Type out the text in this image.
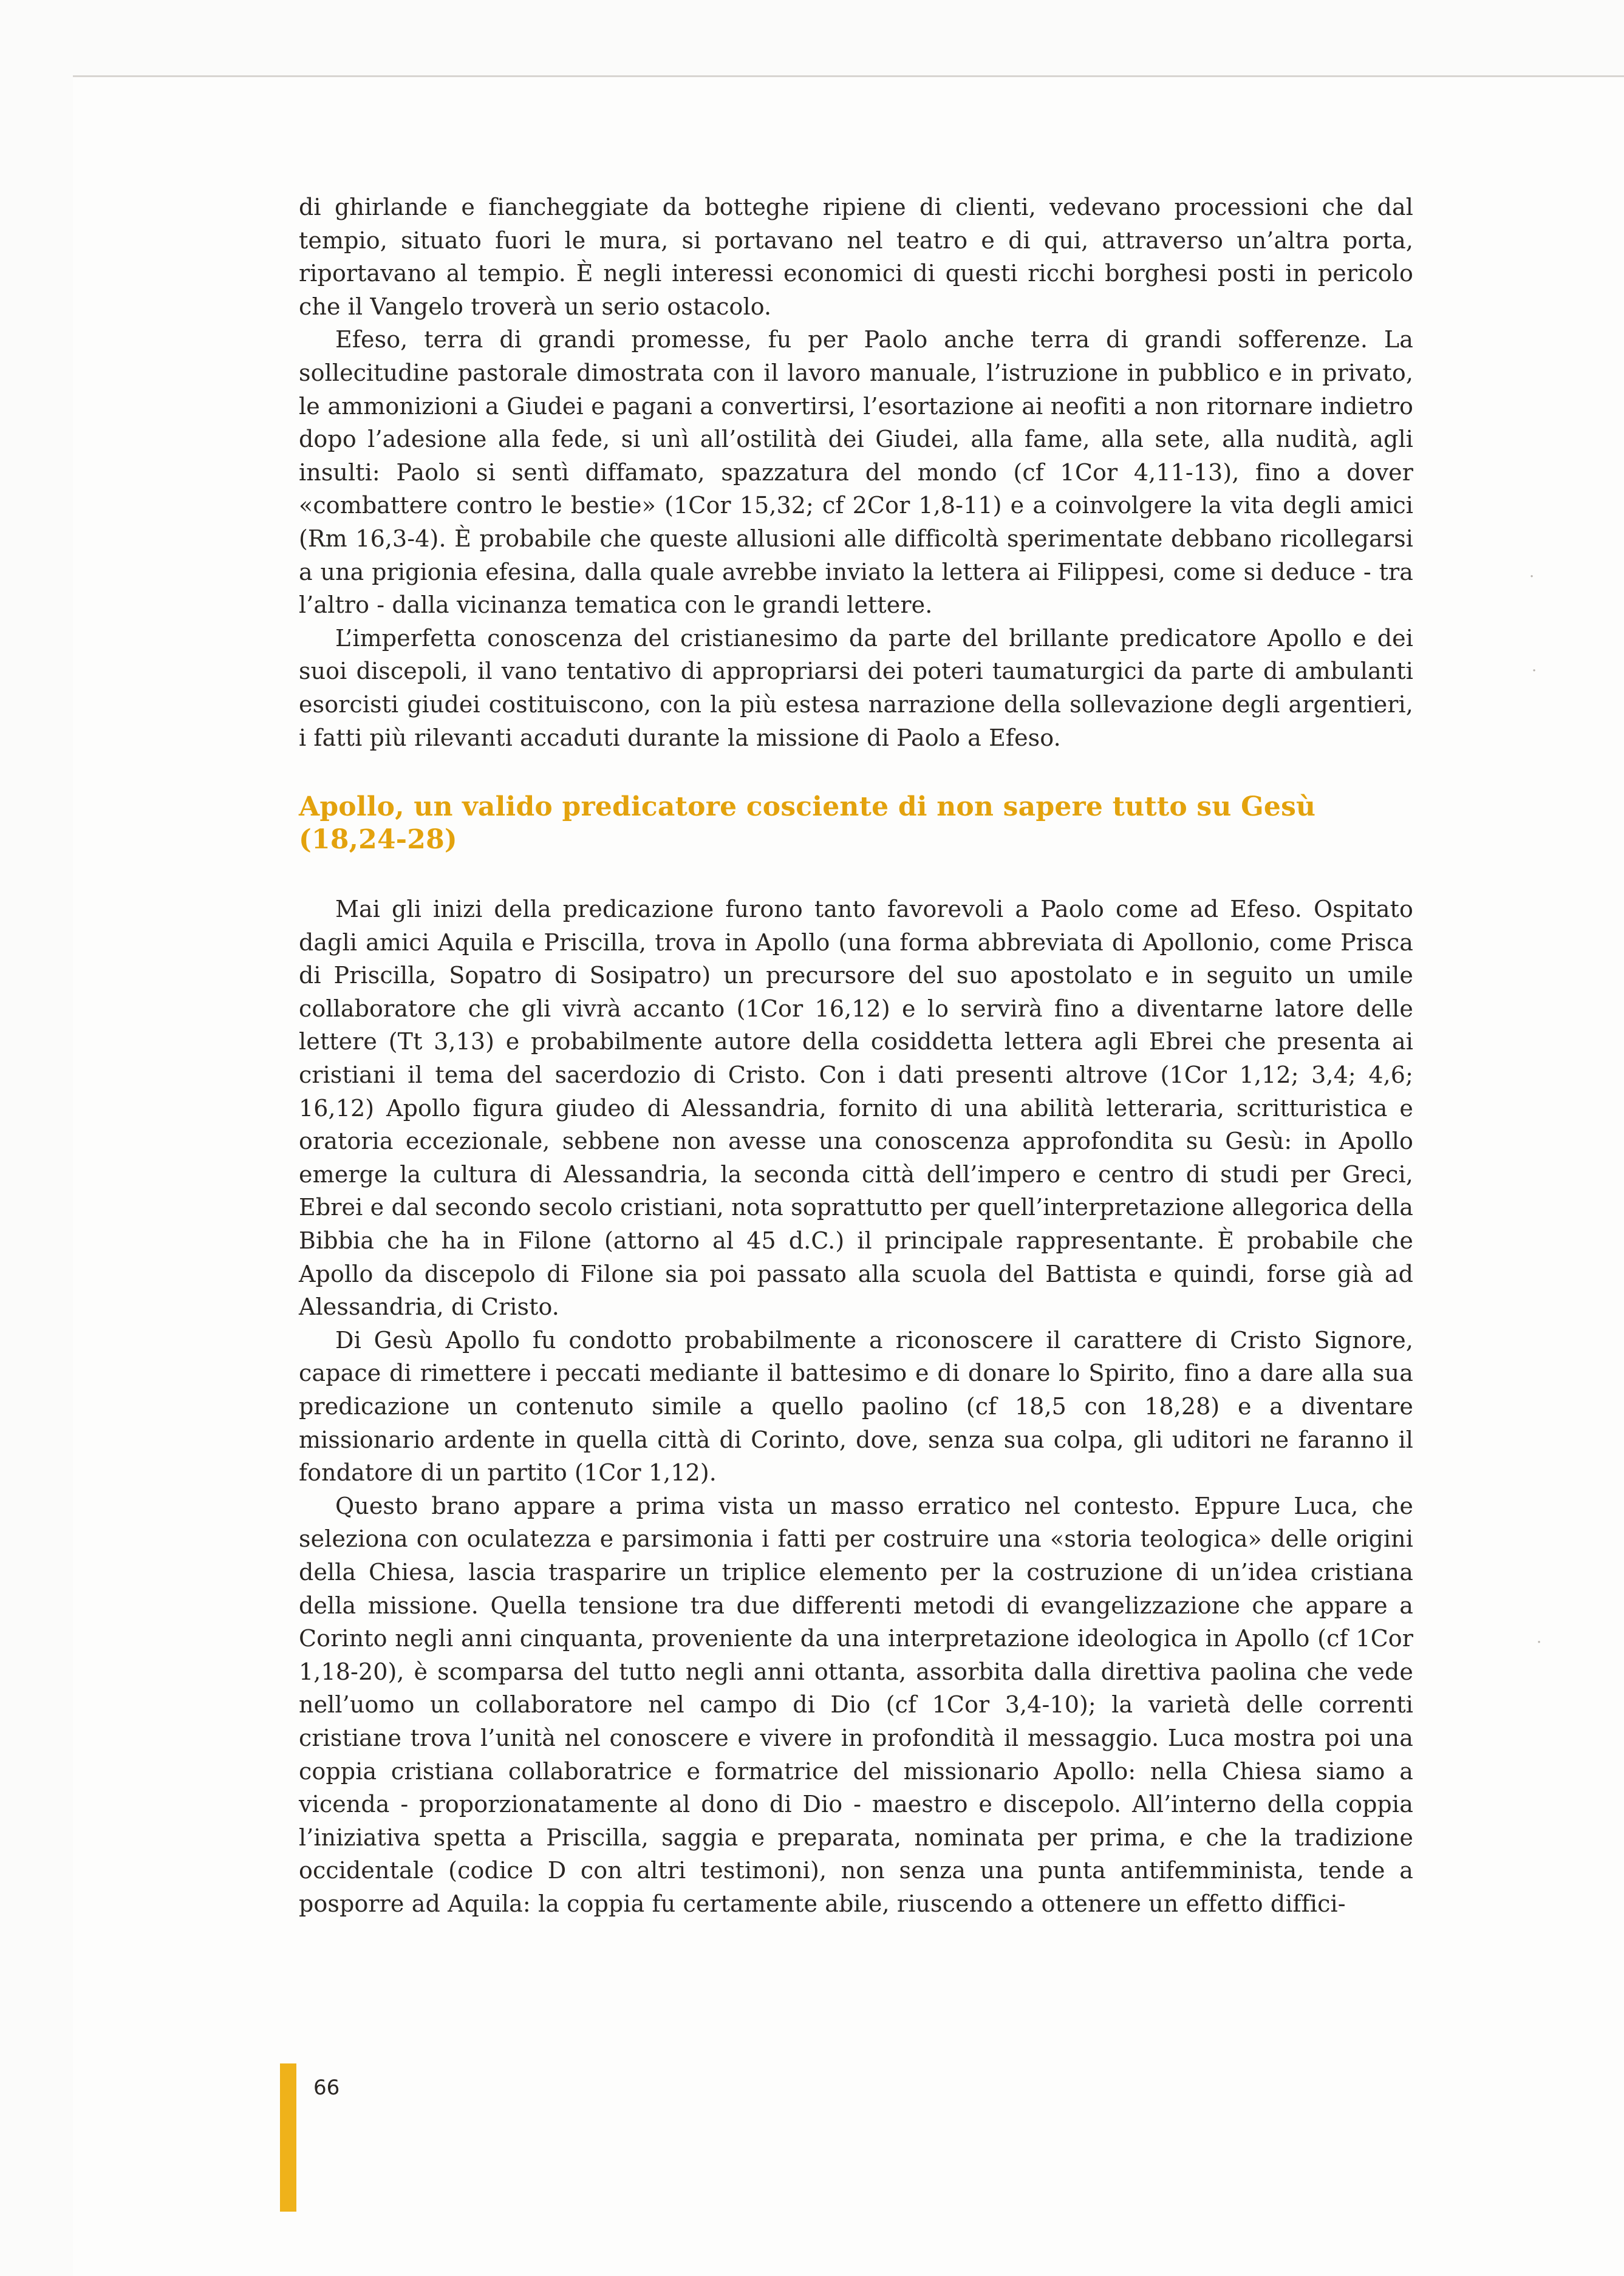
·
·
·

di ghirlande e fiancheggiate da botteghe ripiene di clienti, vedevano processioni che dal tempio, situato fuori le mura, si portavano nel teatro e di qui, attraverso un’altra porta, riportavano al tempio. È negli interessi economici di questi ricchi borghesi posti in pericolo che il Vangelo troverà un serio ostacolo.

Efeso, terra di grandi promesse, fu per Paolo anche terra di grandi sofferenze. La sollecitudine pastorale dimostrata con il lavoro manuale, l’istruzione in pubblico e in privato, le ammonizioni a Giudei e pagani a convertirsi, l’esortazione ai neofiti a non ritornare indietro dopo l’adesione alla fede, si unì all’ostilità dei Giudei, alla fame, alla sete, alla nudità, agli insulti: Paolo si sentì diffamato, spazzatura del mondo (cf 1Cor 4,11-13), fino a dover «combattere contro le bestie» (1Cor 15,32; cf 2Cor 1,8-11) e a coinvolgere la vita degli amici (Rm 16,3-4). È probabile che queste allusioni alle difficoltà sperimentate debbano ricollegarsi a una prigionia efesina, dalla quale avrebbe inviato la lettera ai Filippesi, come si deduce - tra l’altro - dalla vicinanza tematica con le grandi lettere.

L’imperfetta conoscenza del cristianesimo da parte del brillante predicatore Apollo e dei suoi discepoli, il vano tentativo di appropriarsi dei poteri taumaturgici da parte di ambulanti esorcisti giudei costituiscono, con la più estesa narrazione della sollevazione degli argentieri, i fatti più rilevanti accaduti durante la missione di Paolo a Efeso.

Apollo, un valido predicatore cosciente di non sapere tutto su Gesù
(18,24-28)

Mai gli inizi della predicazione furono tanto favorevoli a Paolo come ad Efeso. Ospitato dagli amici Aquila e Priscilla, trova in Apollo (una forma abbreviata di Apollonio, come Prisca di Priscilla, Sopatro di Sosipatro) un precursore del suo apostolato e in seguito un umile collaboratore che gli vivrà accanto (1Cor 16,12) e lo servirà fino a diventarne latore delle lettere (Tt 3,13) e probabilmente autore della cosiddetta lettera agli Ebrei che presenta ai cristiani il tema del sacerdozio di Cristo. Con i dati presenti altrove (1Cor 1,12; 3,4; 4,6; 16,12) Apollo figura giudeo di Alessandria, fornito di una abilità letteraria, scritturistica e oratoria eccezionale, sebbene non avesse una conoscenza approfondita su Gesù: in Apollo emerge la cultura di Alessandria, la seconda città dell’impero e centro di studi per Greci, Ebrei e dal secondo secolo cristiani, nota soprattutto per quell’interpretazione allegorica della Bibbia che ha in Filone (attorno al 45 d.C.) il principale rappresentante. È probabile che Apollo da discepolo di Filone sia poi passato alla scuola del Battista e quindi, forse già ad Alessandria, di Cristo.

Di Gesù Apollo fu condotto probabilmente a riconoscere il carattere di Cristo Signore, capace di rimettere i peccati mediante il battesimo e di donare lo Spirito, fino a dare alla sua predicazione un contenuto simile a quello paolino (cf 18,5 con 18,28) e a diventare missionario ardente in quella città di Corinto, dove, senza sua colpa, gli uditori ne faranno il fondatore di un partito (1Cor 1,12).

Questo brano appare a prima vista un masso erratico nel contesto. Eppure Luca, che seleziona con oculatezza e parsimonia i fatti per costruire una «storia teologica» delle origini della Chiesa, lascia trasparire un triplice elemento per la costruzione di un’idea cristiana della missione. Quella tensione tra due differenti metodi di evangelizzazione che appare a Corinto negli anni cinquanta, proveniente da una interpretazione ideologica in Apollo (cf 1Cor 1,18-20), è scomparsa del tutto negli anni ottanta, assorbita dalla direttiva paolina che vede nell’uomo un collaboratore nel campo di Dio (cf 1Cor 3,4-10); la varietà delle correnti cristiane trova l’unità nel conoscere e vivere in profondità il messaggio. Luca mostra poi una coppia cristiana collaboratrice e formatrice del missionario Apollo: nella Chiesa siamo a vicenda - proporzionatamente al dono di Dio - maestro e discepolo. All’interno della coppia l’iniziativa spetta a Priscilla, saggia e preparata, nominata per prima, e che la tradizione occidentale (codice D con altri testimoni), non senza una punta antifemminista, tende a posporre ad Aquila: la coppia fu certamente abile, riuscendo a ottenere un effetto diffici-

66
